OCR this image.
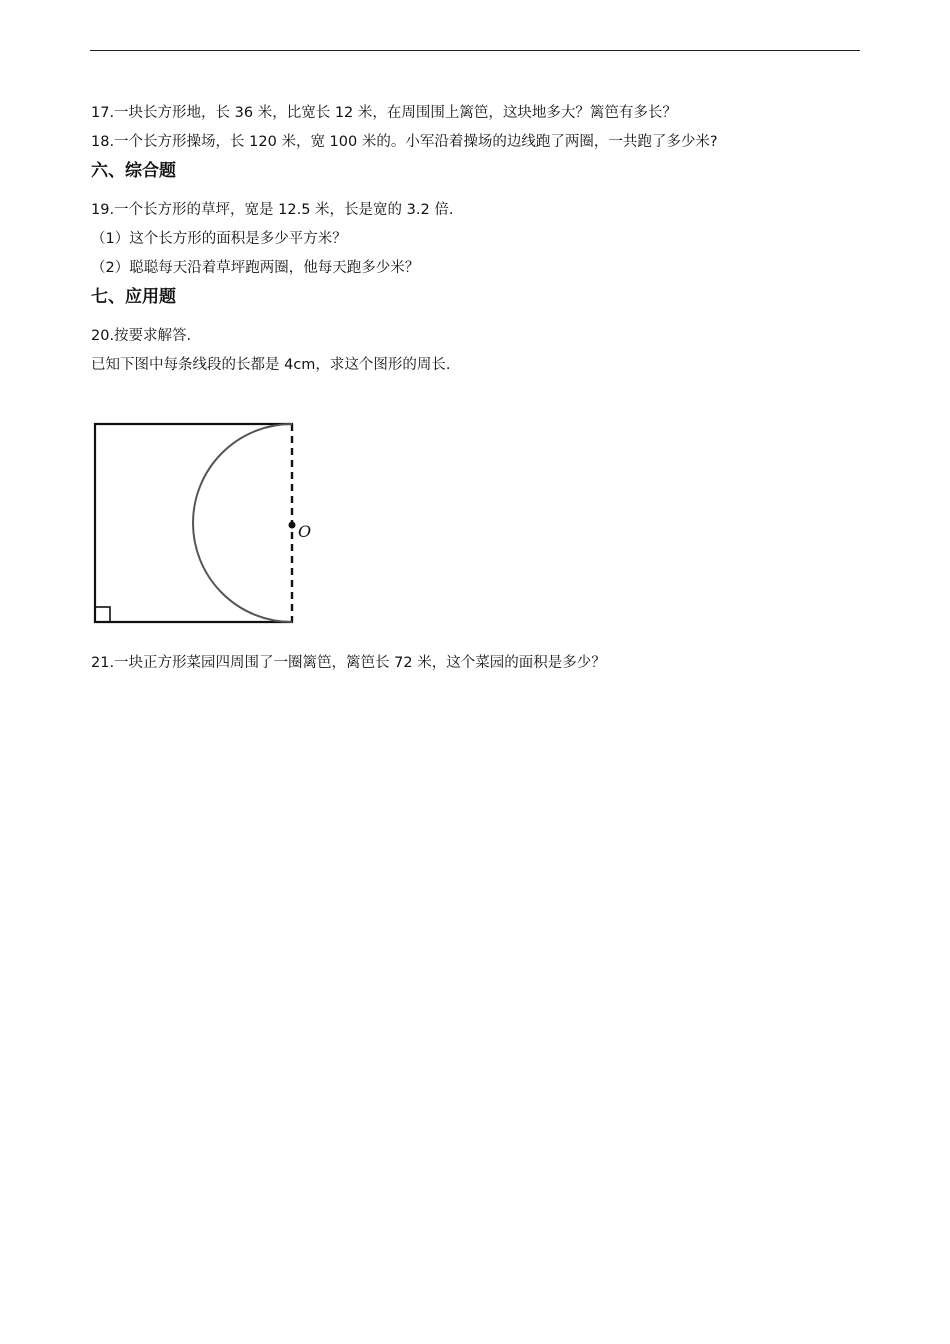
17.一块长方形地，长 36 米，比宽长 12 米，在周围围上篱笆，这块地多大？篱笆有多长？
18.一个长方形操场，长 120 米，宽 100 米的。小军沿着操场的边线跑了两圈，一共跑了多少米?
六、综合题
19.一个长方形的草坪，宽是 12.5 米，长是宽的 3.2 倍.
（1）这个长方形的面积是多少平方米？
（2）聪聪每天沿着草坪跑两圈，他每天跑多少米？
七、应用题
20.按要求解答.
已知下图中每条线段的长都是 4cm，求这个图形的周长.
O
21.一块正方形菜园四周围了一圈篱笆，篱笆长 72 米，这个菜园的面积是多少？
